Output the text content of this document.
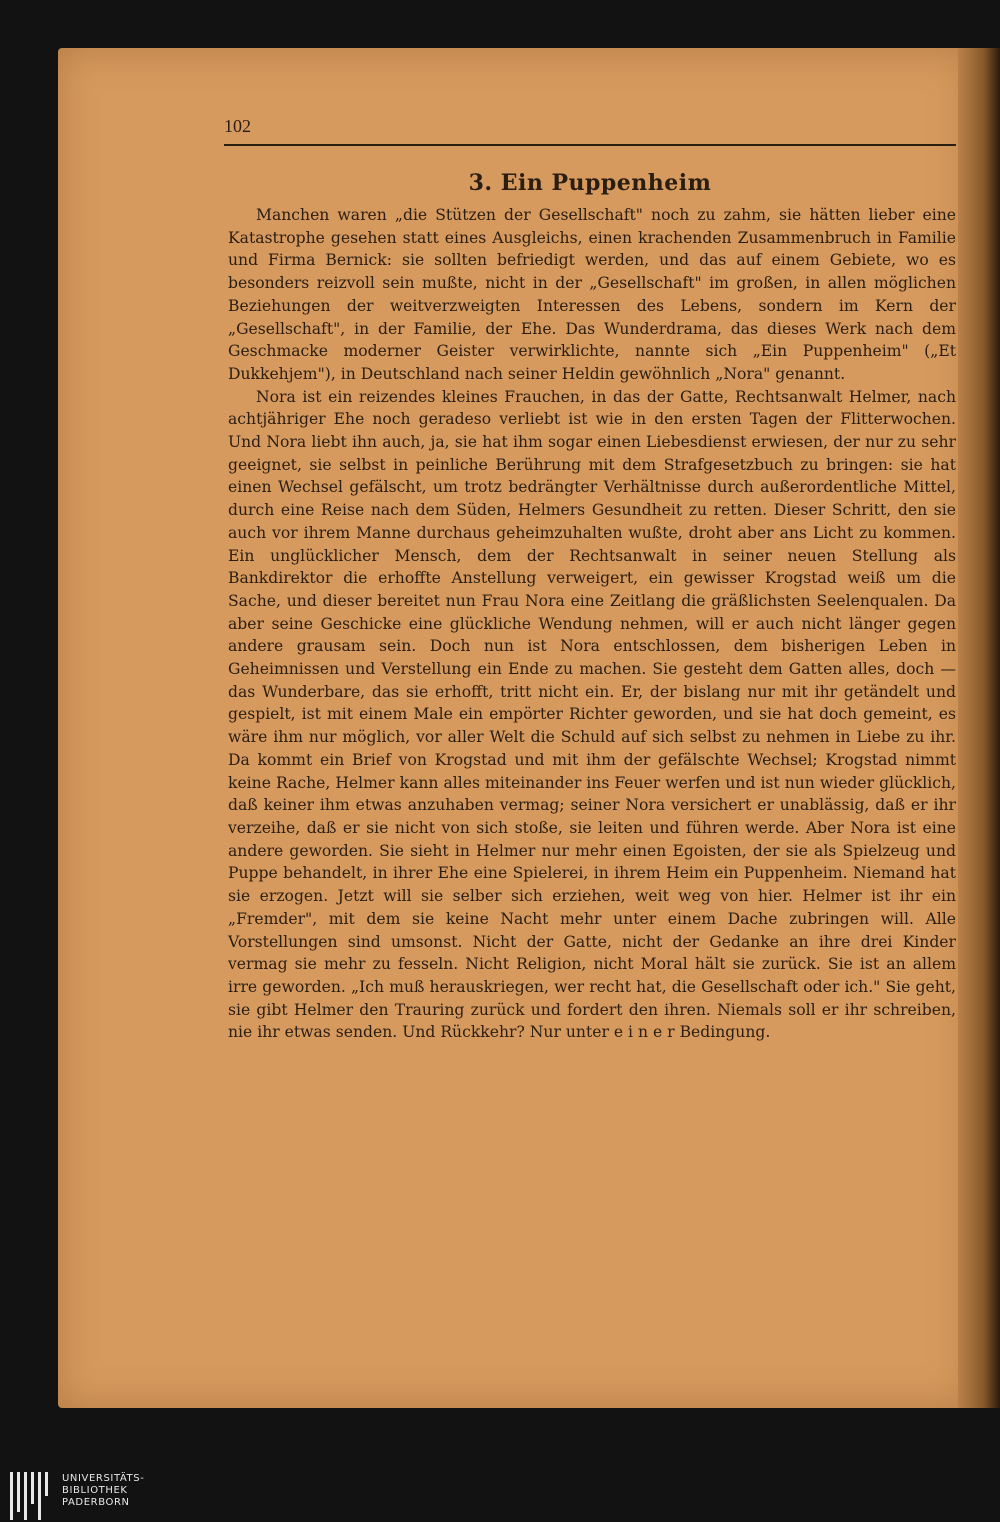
102
3. Ein Puppenheim

Manchen waren „die Stützen der Gesellschaft" noch zu zahm, sie hätten lieber eine Katastrophe gesehen statt eines Ausgleichs, einen krachenden Zusammenbruch in Familie und Firma Bernick: sie sollten befriedigt werden, und das auf einem Gebiete, wo es besonders reizvoll sein mußte, nicht in der „Gesellschaft" im großen, in allen möglichen Beziehungen der weitverzweigten Interessen des Lebens, sondern im Kern der „Gesellschaft", in der Familie, der Ehe. Das Wunderdrama, das dieses Werk nach dem Geschmacke moderner Geister verwirklichte, nannte sich „Ein Puppenheim" („Et Dukkehjem"), in Deutschland nach seiner Heldin gewöhnlich „Nora" genannt.

Nora ist ein reizendes kleines Frauchen, in das der Gatte, Rechtsanwalt Helmer, nach achtjähriger Ehe noch geradeso verliebt ist wie in den ersten Tagen der Flitterwochen. Und Nora liebt ihn auch, ja, sie hat ihm sogar einen Liebesdienst erwiesen, der nur zu sehr geeignet, sie selbst in peinliche Berührung mit dem Strafgesetzbuch zu bringen: sie hat einen Wechsel gefälscht, um trotz bedrängter Verhältnisse durch außerordentliche Mittel, durch eine Reise nach dem Süden, Helmers Gesundheit zu retten. Dieser Schritt, den sie auch vor ihrem Manne durchaus geheimzuhalten wußte, droht aber ans Licht zu kommen. Ein unglücklicher Mensch, dem der Rechtsanwalt in seiner neuen Stellung als Bankdirektor die erhoffte Anstellung verweigert, ein gewisser Krogstad weiß um die Sache, und dieser bereitet nun Frau Nora eine Zeitlang die gräßlichsten Seelenqualen. Da aber seine Geschicke eine glückliche Wendung nehmen, will er auch nicht länger gegen andere grausam sein. Doch nun ist Nora entschlossen, dem bisherigen Leben in Geheimnissen und Verstellung ein Ende zu machen. Sie gesteht dem Gatten alles, doch — das Wunderbare, das sie erhofft, tritt nicht ein. Er, der bislang nur mit ihr getändelt und gespielt, ist mit einem Male ein empörter Richter geworden, und sie hat doch gemeint, es wäre ihm nur möglich, vor aller Welt die Schuld auf sich selbst zu nehmen in Liebe zu ihr. Da kommt ein Brief von Krogstad und mit ihm der gefälschte Wechsel; Krogstad nimmt keine Rache, Helmer kann alles miteinander ins Feuer werfen und ist nun wieder glücklich, daß keiner ihm etwas anzuhaben vermag; seiner Nora versichert er unablässig, daß er ihr verzeihe, daß er sie nicht von sich stoße, sie leiten und führen werde. Aber Nora ist eine andere geworden. Sie sieht in Helmer nur mehr einen Egoisten, der sie als Spielzeug und Puppe behandelt, in ihrer Ehe eine Spielerei, in ihrem Heim ein Puppenheim. Niemand hat sie erzogen. Jetzt will sie selber sich erziehen, weit weg von hier. Helmer ist ihr ein „Fremder", mit dem sie keine Nacht mehr unter einem Dache zubringen will. Alle Vorstellungen sind umsonst. Nicht der Gatte, nicht der Gedanke an ihre drei Kinder vermag sie mehr zu fesseln. Nicht Religion, nicht Moral hält sie zurück. Sie ist an allem irre geworden. „Ich muß herauskriegen, wer recht hat, die Gesellschaft oder ich." Sie geht, sie gibt Helmer den Trauring zurück und fordert den ihren. Niemals soll er ihr schreiben, nie ihr etwas senden. Und Rückkehr? Nur unter e i n e r Bedingung.

UNIVERSITÄTS-
BIBLIOTHEK
PADERBORN
